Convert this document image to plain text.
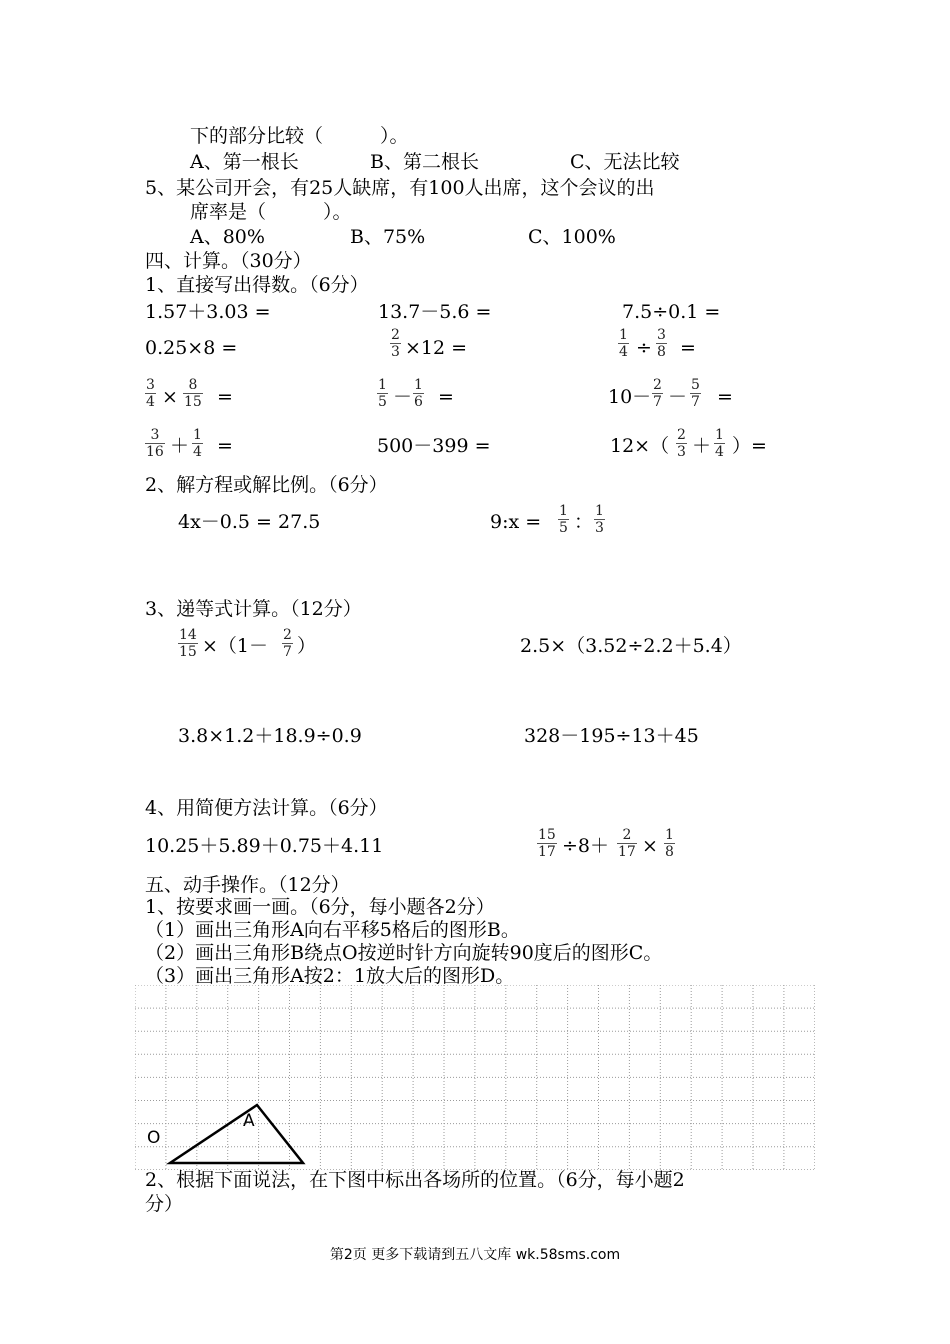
下的部分比较（　　　）。
A、第一根长	B、第二根长	C、无法比较
5、某公司开会，有25人缺席，有100人出席，这个会议的出
席率是（　　　）。
A、80%	B、75%	C、100%
四、计算。（30分）
1、直接写出得数。（6分）
1.57＋3.03 =	13.7－5.6 =	7.5÷0.1 =
0.25×8 =	$\frac{2}{3} \times 12$ =	$\frac{1}{4} \div \frac{3}{8}$ =
$\frac{3}{4} \times \frac{8}{15}$ =	$\frac{1}{5} - \frac{1}{6}$ =	$10- \frac{2}{7} - \frac{5}{7}$ =
$\frac{3}{16} + \frac{1}{4}$ =	500－399 =	$12\times( \frac{2}{3} + \frac{1}{4}$ ）=
2、解方程或解比例。（6分）
4x－0.5 = 27.5	9:x = $\frac{1}{5}$ ： $\frac{1}{3}$
3、递等式计算。（12分）
$\frac{14}{15} \times(1- \frac{2}{7}$ ）	2.5×（3.52÷2.2＋5.4）
3.8×1.2＋18.9÷0.9	328－195÷13＋45
4、用简便方法计算。（6分）
10.25＋5.89＋0.75＋4.11	$\frac{15}{17} \div 8+ \frac{2}{17} \times \frac{1}{8}$
五、动手操作。（12分）
1、按要求画一画。（6分，每小题各2分）
（1）画出三角形A向右平移5格后的图形B。
（2）画出三角形B绕点O按逆时针方向旋转90度后的图形C。
（3）画出三角形A按2：1放大后的图形D。
O
A
2、根据下面说法，在下图中标出各场所的位置。（6分，每小题2
分）
第2页 更多下载请到五八文库 wk.58sms.com
